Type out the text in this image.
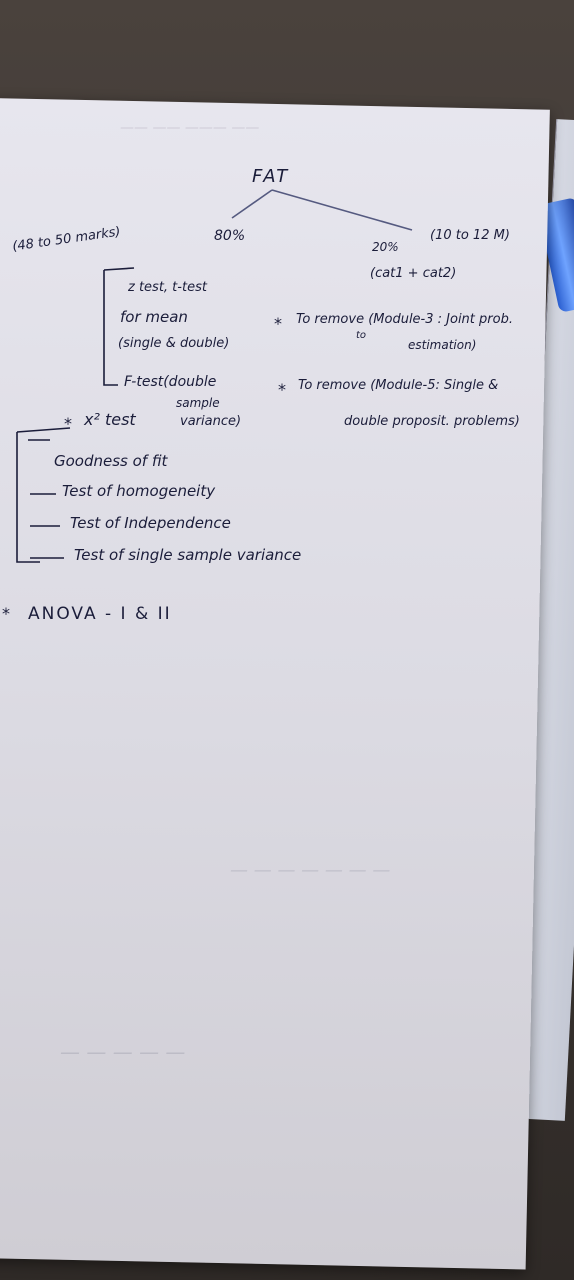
—— —— ——— ——
— — — — — — —
— — — — —
FAT
80%
(48 to 50 marks)
z test, t-test
for mean
(single & double)
F-test(double
sample
variance)
* x² test
Goodness of fit
Test of homogeneity
Test of Independence
Test of single sample variance
* ANOVA - I & II
20%
(10 to 12 M)
(cat1 + cat2)
* To remove (Module-3 : Joint prob.
to
estimation)
* To remove (Module-5: Single &
double proposit. problems)
